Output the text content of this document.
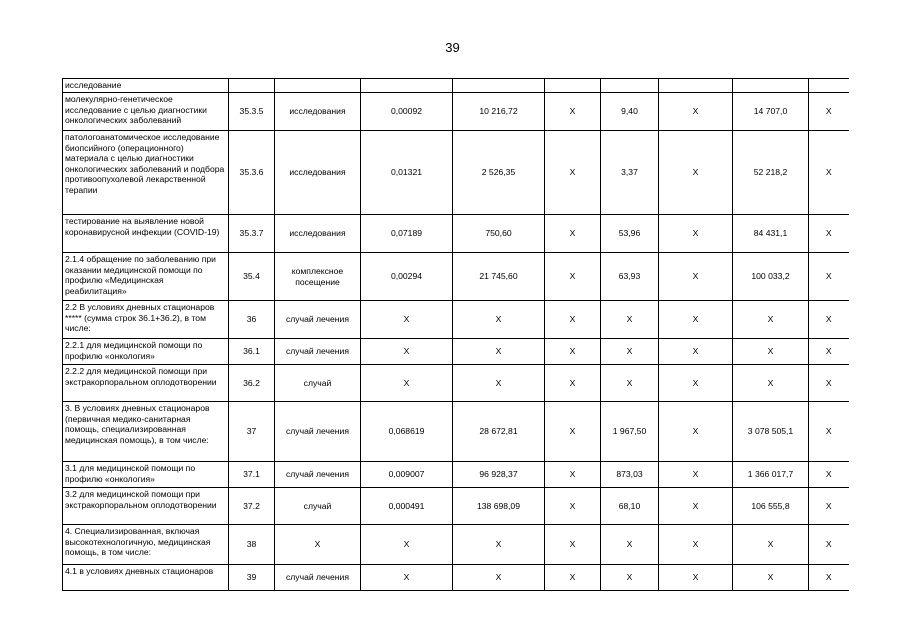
39
исследование									
молекулярно-генетическое исследование с целью диагностики онкологических заболеваний	35.3.5	исследования	0,00092	10 216,72	Х	9,40	Х	14 707,0	Х
патологоанатомическое исследование биопсийного (операционного) материала с целью диагностики онкологических заболеваний и подбора противоопухолевой лекарственной терапии	35.3.6	исследования	0,01321	2 526,35	Х	3,37	Х	52 218,2	Х
тестирование на выявление новой коронавирусной инфекции (COVID-19)	35.3.7	исследования	0,07189	750,60	Х	53,96	Х	84 431,1	Х
2.1.4 обращение по заболеванию при оказании медицинской помощи по профилю «Медицинская реабилитация»	35.4	комплексное посещение	0,00294	21 745,60	Х	63,93	Х	100 033,2	Х
2.2 В условиях дневных стационаров ***** (сумма строк 36.1+36.2), в том числе:	36	случай лечения	Х	Х	Х	Х	Х	Х	Х
2.2.1 для медицинской помощи по профилю «онкология»	36.1	случай лечения	Х	Х	Х	Х	Х	Х	Х
2.2.2 для медицинской помощи при экстракорпоральном оплодотворении	36.2	случай	Х	Х	Х	Х	Х	Х	Х
3. В условиях дневных стационаров (первичная медико-санитарная помощь, специализированная медицинская помощь), в том числе:	37	случай лечения	0,068619	28 672,81	Х	1 967,50	Х	3 078 505,1	Х
3.1 для медицинской помощи по профилю «онкология»	37.1	случай лечения	0,009007	96 928,37	Х	873,03	Х	1 366 017,7	Х
3.2 для медицинской помощи при экстракорпоральном оплодотворении	37.2	случай	0,000491	138 698,09	Х	68,10	Х	106 555,8	Х
4. Специализированная, включая высокотехнологичную, медицинская помощь, в том числе:	38	Х	Х	Х	Х	Х	Х	Х	Х
4.1 в условиях дневных стационаров	39	случай лечения	Х	Х	Х	Х	Х	Х	Х
